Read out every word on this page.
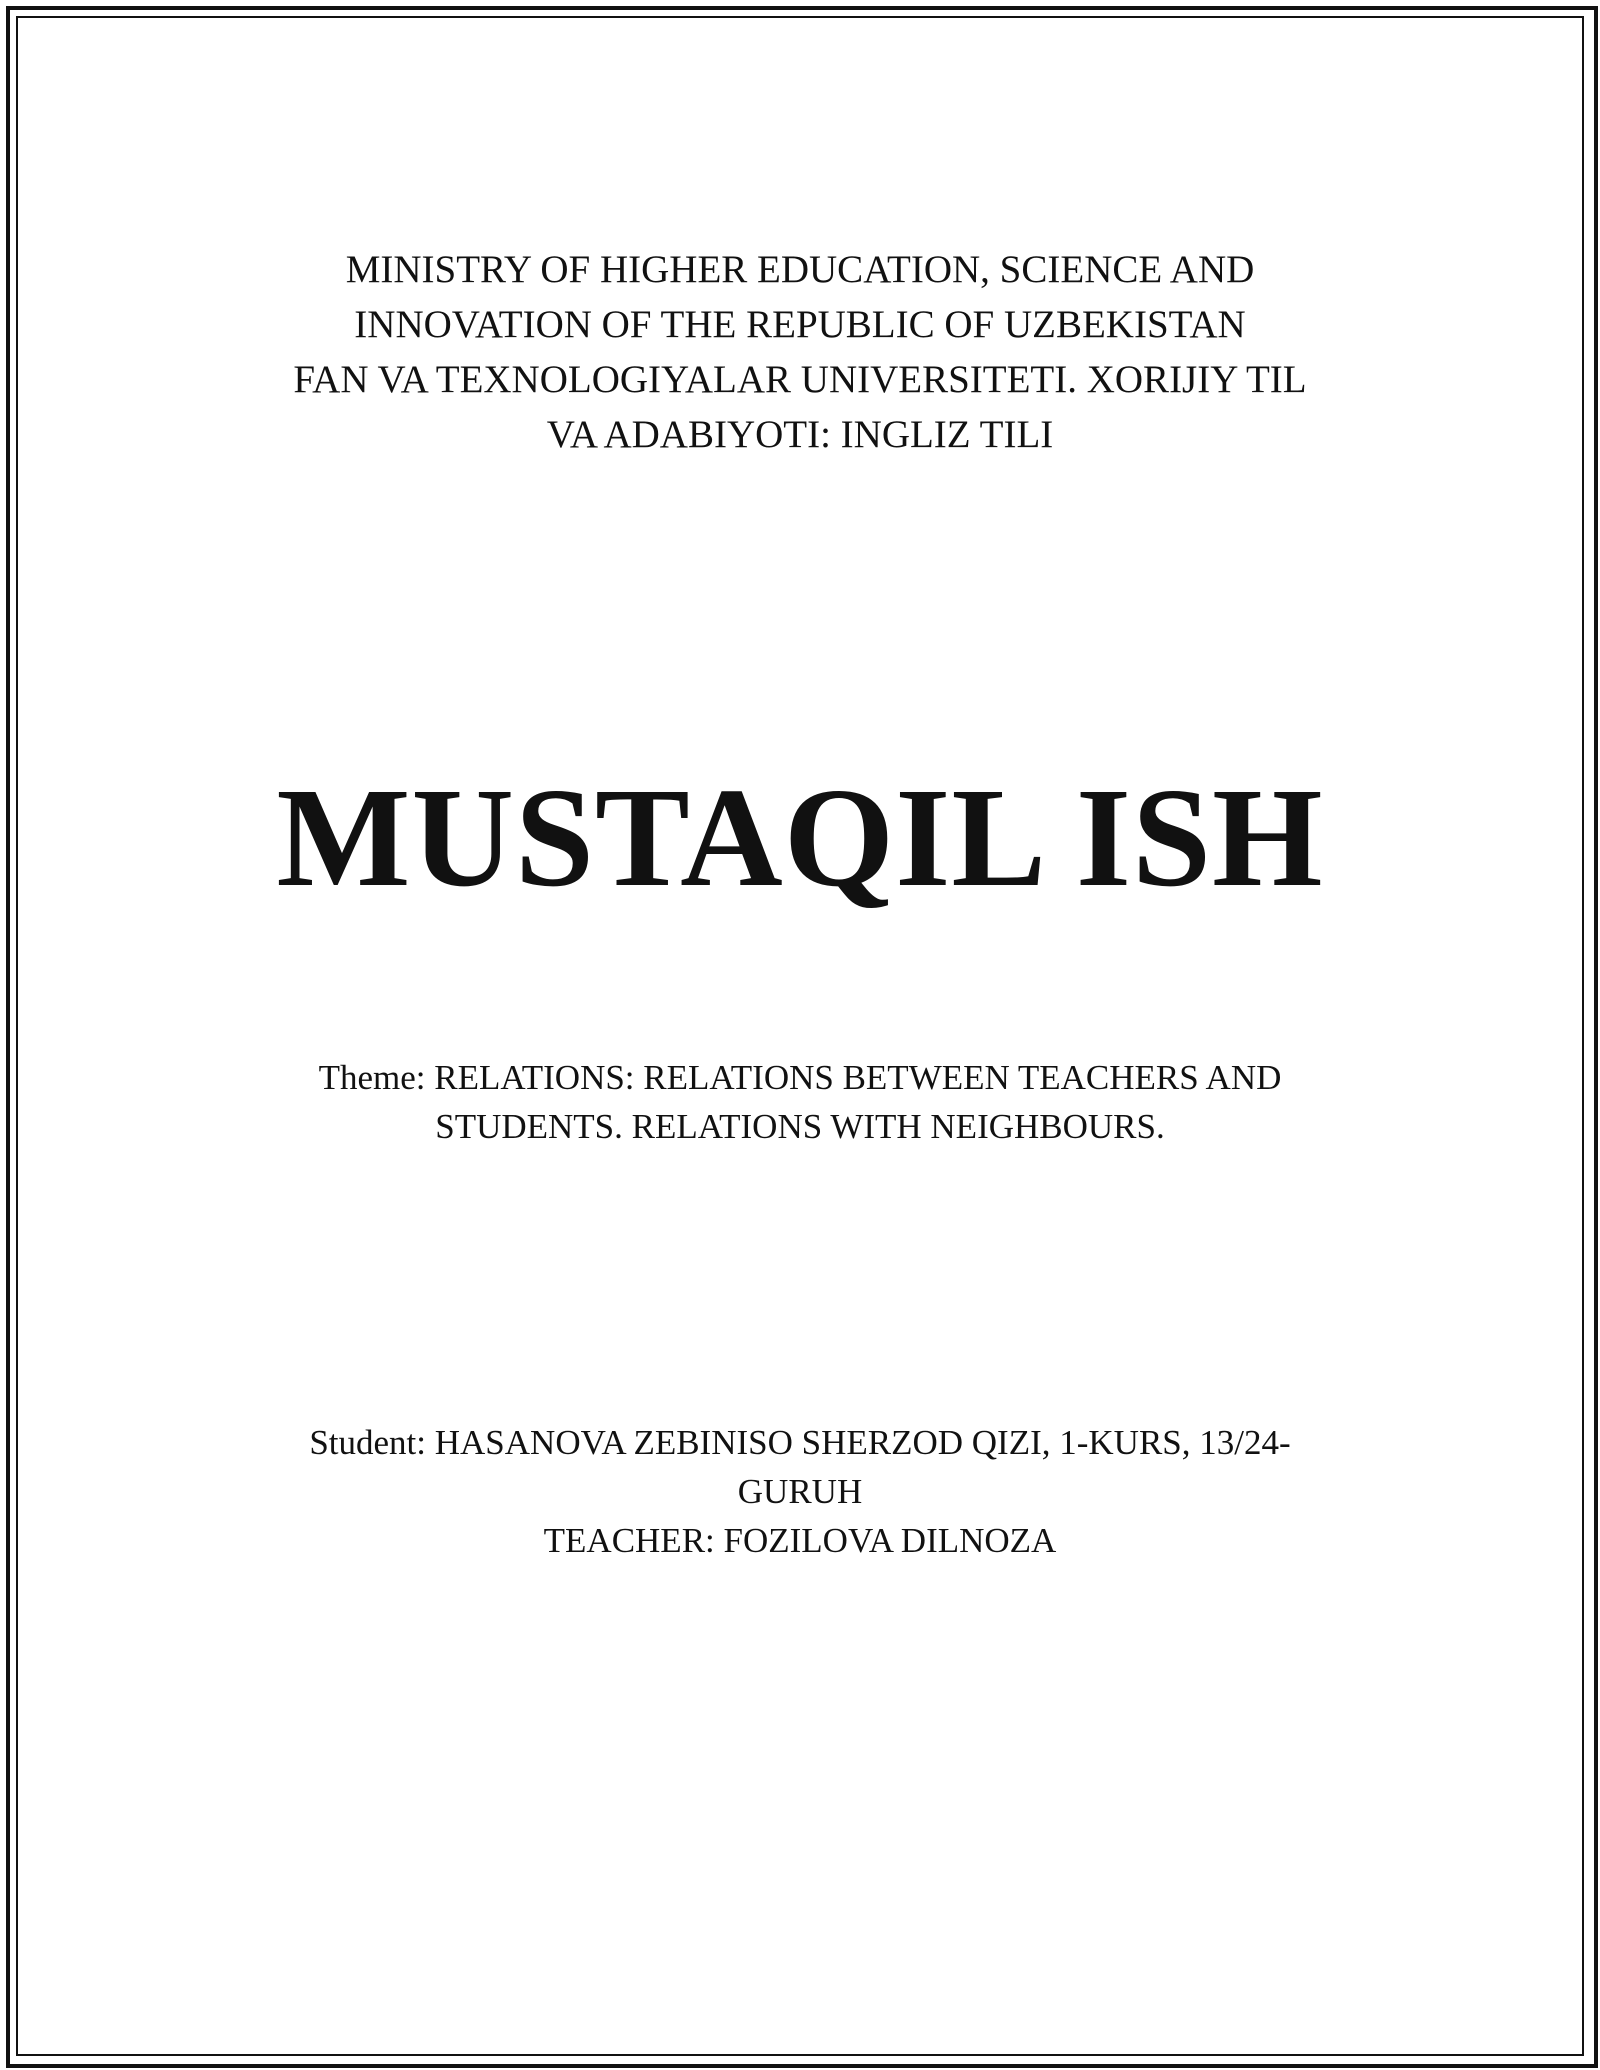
MINISTRY OF HIGHER EDUCATION, SCIENCE AND
INNOVATION OF THE REPUBLIC OF UZBEKISTAN
FAN VA TEXNOLOGIYALAR UNIVERSITETI. XORIJIY TIL
VA ADABIYOTI: INGLIZ TILI
MUSTAQIL ISH
Theme: RELATIONS: RELATIONS BETWEEN TEACHERS AND
STUDENTS. RELATIONS WITH NEIGHBOURS.
Student: HASANOVA ZEBINISO SHERZOD QIZI, 1-KURS, 13/24-
GURUH
TEACHER: FOZILOVA DILNOZA
